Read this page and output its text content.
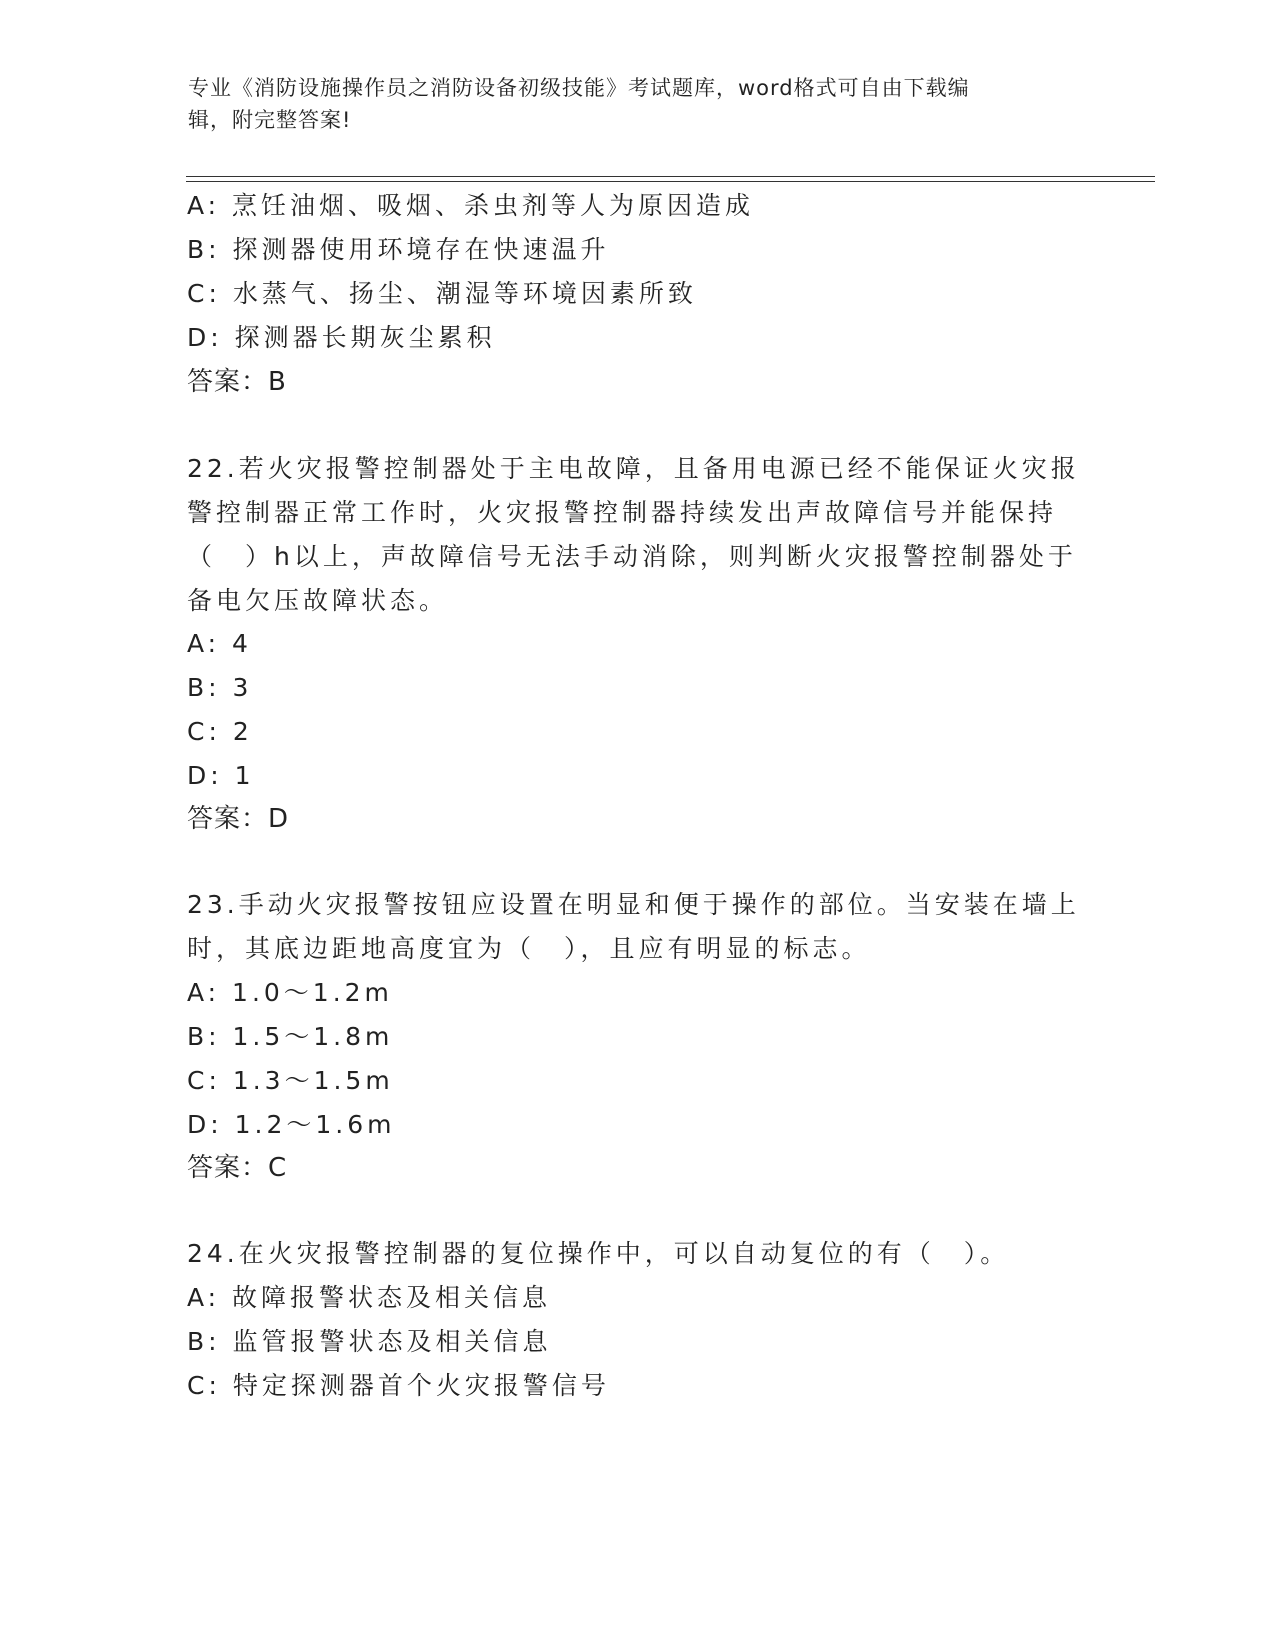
专业《消防设施操作员之消防设备初级技能》考试题库，word格式可自由下载编
辑，附完整答案!
A: 烹饪油烟、吸烟、杀虫剂等人为原因造成
B: 探测器使用环境存在快速温升
C: 水蒸气、扬尘、潮湿等环境因素所致
D: 探测器长期灰尘累积
答案：B
22.若火灾报警控制器处于主电故障，且备用电源已经不能保证火灾报
警控制器正常工作时，火灾报警控制器持续发出声故障信号并能保持
（　）h以上，声故障信号无法手动消除，则判断火灾报警控制器处于
备电欠压故障状态。
A: 4
B: 3
C: 2
D: 1
答案：D
23.手动火灾报警按钮应设置在明显和便于操作的部位。当安装在墙上
时，其底边距地高度宜为（　），且应有明显的标志。
A: 1.0～1.2m
B: 1.5～1.8m
C: 1.3～1.5m
D: 1.2～1.6m
答案：C
24.在火灾报警控制器的复位操作中，可以自动复位的有（　）。
A: 故障报警状态及相关信息
B: 监管报警状态及相关信息
C: 特定探测器首个火灾报警信号
